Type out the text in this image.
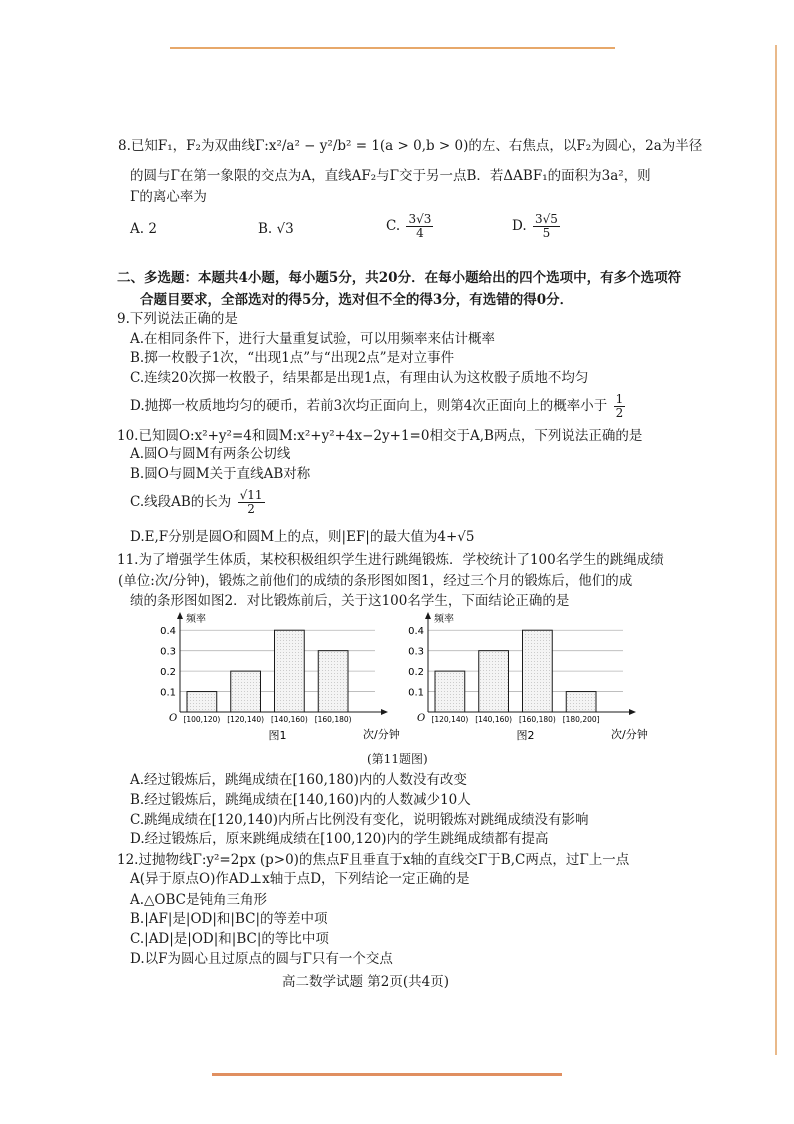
8.已知F₁，F₂为双曲线Γ:x²/a² − y²/b² = 1(a > 0,b > 0)的左、右焦点，以F₂为圆心，2a为半径
的圆与Γ在第一象限的交点为A，直线AF₂与Γ交于另一点B．若ΔABF₁的面积为3a²，则
Γ的离心率为
A. 2	B. √3	C. $\frac{3√3}{4}$	D. $\frac{3√5}{5}$
二、多选题：本题共4小题，每小题5分，共20分．在每小题给出的四个选项中，有多个选项符
合题目要求，全部选对的得5分，选对但不全的得3分，有选错的得0分．
9.下列说法正确的是
A.在相同条件下，进行大量重复试验，可以用频率来估计概率
B.掷一枚骰子1次，“出现1点”与“出现2点”是对立事件
C.连续20次掷一枚骰子，结果都是出现1点，有理由认为这枚骰子质地不均匀
D.抛掷一枚质地均匀的硬币，若前3次均正面向上，则第4次正面向上的概率小于 $\frac{1}{2}$
10.已知圆O:x²+y²=4和圆M:x²+y²+4x−2y+1=0相交于A,B两点，下列说法正确的是
A.圆O与圆M有两条公切线
B.圆O与圆M关于直线AB对称
C.线段AB的长为 $\frac{√11}{2}$
D.E,F分别是圆O和圆M上的点，则|EF|的最大值为4+√5
11.为了增强学生体质，某校积极组织学生进行跳绳锻炼．学校统计了100名学生的跳绳成绩
(单位:次/分钟)，锻炼之前他们的成绩的条形图如图1，经过三个月的锻炼后，他们的成
绩的条形图如图2．对比锻炼前后，关于这100名学生，下面结论正确的是
0.1
0.2
0.3
0.4
频率
O [100,120) [120,140) [140,160) [160,180)
图1	次/分钟
0.1
0.2
0.3
0.4
频率
O [120,140) [140,160) [160,180) [180,200]
图2	次/分钟
(第11题图)
A.经过锻炼后，跳绳成绩在[160,180)内的人数没有改变
B.经过锻炼后，跳绳成绩在[140,160)内的人数减少10人
C.跳绳成绩在[120,140)内所占比例没有变化，说明锻炼对跳绳成绩没有影响
D.经过锻炼后，原来跳绳成绩在[100,120)内的学生跳绳成绩都有提高
12.过抛物线Γ:y²=2px (p>0)的焦点F且垂直于x轴的直线交Γ于B,C两点，过Γ上一点
A(异于原点O)作AD⊥x轴于点D，下列结论一定正确的是
A.△OBC是钝角三角形
B.|AF|是|OD|和|BC|的等差中项
C.|AD|是|OD|和|BC|的等比中项
D.以F为圆心且过原点的圆与Γ只有一个交点
高二数学试题 第2页(共4页)
